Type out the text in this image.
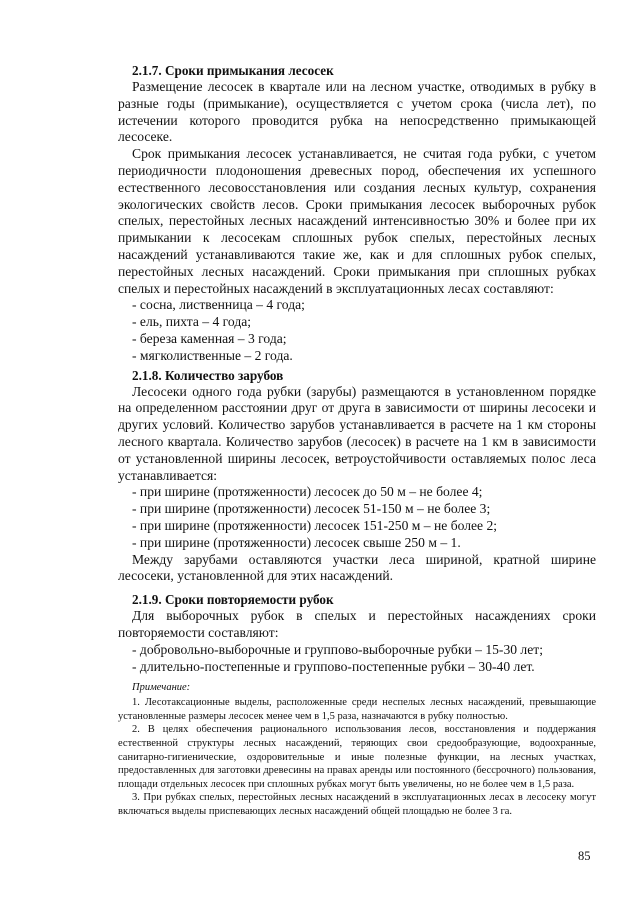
2.1.7. Сроки примыкания лесосек

Размещение лесосек в квартале или на лесном участке, отводимых в рубку в разные годы (примыкание), осуществляется с учетом срока (числа лет), по истечении которого проводится рубка на непосредственно примыкающей лесосеке.

Срок примыкания лесосек устанавливается, не считая года рубки, с учетом периодичности плодоношения древесных пород, обеспечения их успешного естественного лесовосстановления или создания лесных культур, сохранения экологических свойств лесов. Сроки примыкания лесосек выборочных рубок спелых, перестойных лесных насаждений интенсивностью 30% и более при их примыкании к лесосекам сплошных рубок спелых, перестойных лесных насаждений устанавливаются такие же, как и для сплошных рубок спелых, перестойных лесных насаждений. Сроки примыкания при сплошных рубках спелых и перестойных насаждений в эксплуатационных лесах составляют:

- сосна, лиственница – 4 года;
- ель, пихта – 4 года;
- береза каменная – 3 года;
- мягколиственные – 2 года.
2.1.8. Количество зарубов

Лесосеки одного года рубки (зарубы) размещаются в установленном порядке на определенном расстоянии друг от друга в зависимости от ширины лесосеки и других условий. Количество зарубов устанавливается в расчете на 1 км стороны лесного квартала. Количество зарубов (лесосек) в расчете на 1 км в зависимости от установленной ширины лесосек, ветроустойчивости оставляемых полос леса устанавливается:

- при ширине (протяженности) лесосек до 50 м – не более 4;
- при ширине (протяженности) лесосек 51-150 м – не более 3;
- при ширине (протяженности) лесосек 151-250 м – не более 2;
- при ширине (протяженности) лесосек свыше 250 м – 1.

Между зарубами оставляются участки леса шириной, кратной ширине лесосеки, установленной для этих насаждений.

2.1.9. Сроки повторяемости рубок

Для выборочных рубок в спелых и перестойных насаждениях сроки повторяемости составляют:

- добровольно-выборочные и группово-выборочные рубки – 15-30 лет;
- длительно-постепенные и группово-постепенные рубки – 30-40 лет.
Примечание:

1. Лесотаксационные выделы, расположенные среди неспелых лесных насаждений, превышающие установленные размеры лесосек менее чем в 1,5 раза, назначаются в рубку полностью.

2. В целях обеспечения рационального использования лесов, восстановления и поддержания естественной структуры лесных насаждений, теряющих свои средообразующие, водоохранные, санитарно-гигиенические, оздоровительные и иные полезные функции, на лесных участках, предоставленных для заготовки древесины на правах аренды или постоянного (бессрочного) пользования, площади отдельных лесосек при сплошных рубках могут быть увеличены, но не более чем в 1,5 раза.

3. При рубках спелых, перестойных лесных насаждений в эксплуатационных лесах в лесосеку могут включаться выделы приспевающих лесных насаждений общей площадью не более 3 га.

85
